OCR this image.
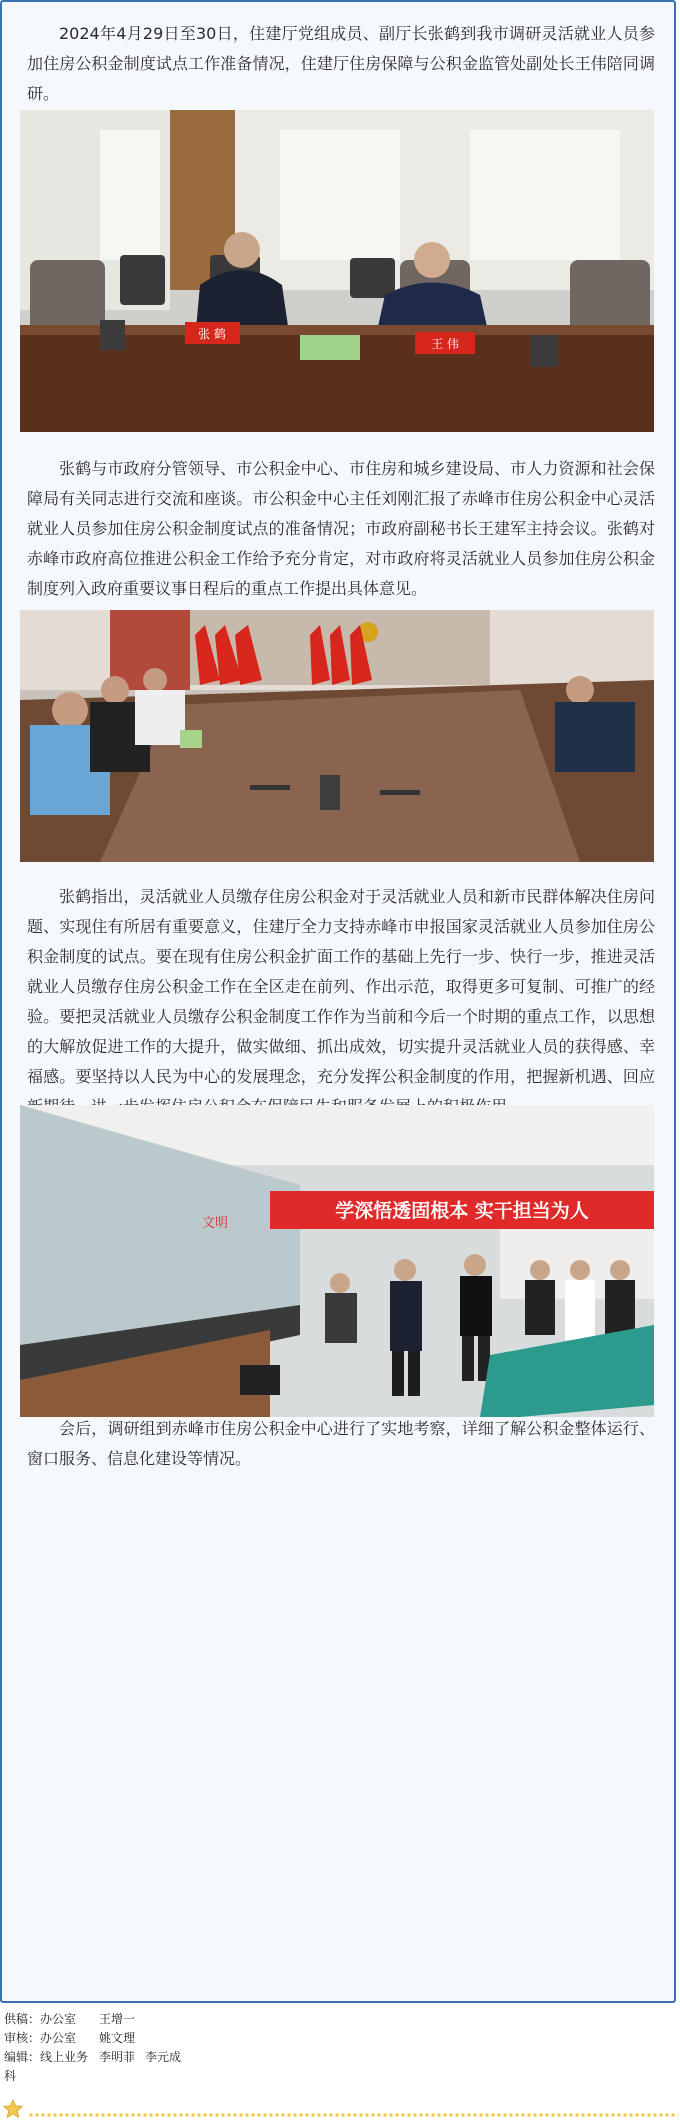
2024年4月29日至30日，住建厅党组成员、副厅长张鹤到我市调研灵活就业人员参加住房公积金制度试点工作准备情况，住建厅住房保障与公积金监管处副处长王伟陪同调研。

张 鹤
王 伟

张鹤与市政府分管领导、市公积金中心、市住房和城乡建设局、市人力资源和社会保障局有关同志进行交流和座谈。市公积金中心主任刘刚汇报了赤峰市住房公积金中心灵活就业人员参加住房公积金制度试点的准备情况；市政府副秘书长王建军主持会议。张鹤对赤峰市政府高位推进公积金工作给予充分肯定，对市政府将灵活就业人员参加住房公积金制度列入政府重要议事日程后的重点工作提出具体意见。

张鹤指出，灵活就业人员缴存住房公积金对于灵活就业人员和新市民群体解决住房问题、实现住有所居有重要意义，住建厅全力支持赤峰市申报国家灵活就业人员参加住房公积金制度的试点。要在现有住房公积金扩面工作的基础上先行一步、快行一步，推进灵活就业人员缴存住房公积金工作在全区走在前列、作出示范，取得更多可复制、可推广的经验。要把灵活就业人员缴存公积金制度工作作为当前和今后一个时期的重点工作，以思想的大解放促进工作的大提升，做实做细、抓出成效，切实提升灵活就业人员的获得感、幸福感。要坚持以人民为中心的发展理念，充分发挥公积金制度的作用，把握新机遇、回应

学深悟透固根本 实干担当为人
文明

会后，调研组到赤峰市住房公积金中心进行了实地考察，详细了解公积金整体运行、窗口服务、信息化建设等情况。

供稿：办公室	王增一
审核：办公室	姚文理
编辑：线上业务科
李明菲 李元成
